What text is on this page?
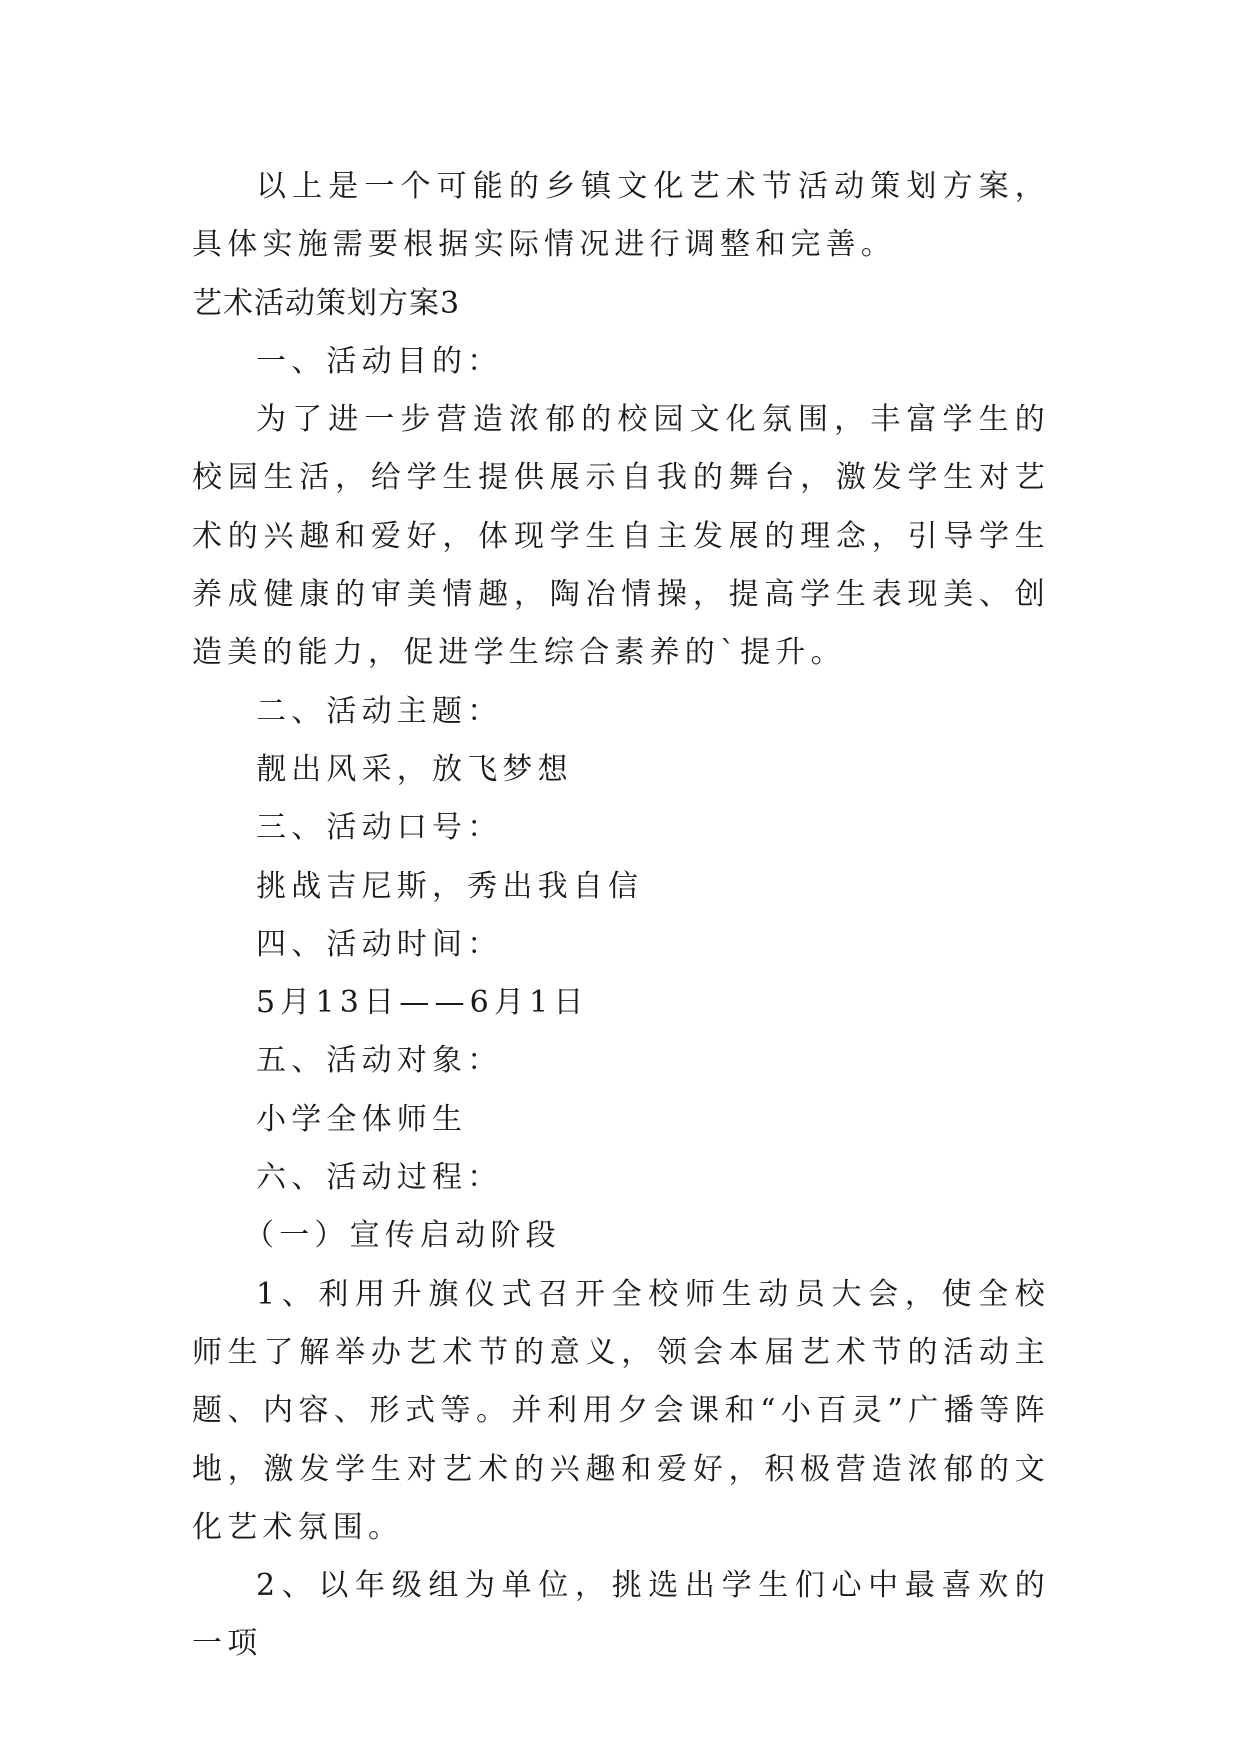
以上是一个可能的乡镇文化艺术节活动策划方案，具体实施需要根据实际情况进行调整和完善。

艺术活动策划方案3

一、活动目的：

为了进一步营造浓郁的校园文化氛围，丰富学生的校园生活，给学生提供展示自我的舞台，激发学生对艺术的兴趣和爱好，体现学生自主发展的理念，引导学生养成健康的审美情趣，陶冶情操，提高学生表现美、创造美的能力，促进学生综合素养的`提升。

二、活动主题：

靓出风采，放飞梦想

三、活动口号：

挑战吉尼斯，秀出我自信

四、活动时间：

5月13日——6月1日

五、活动对象：

小学全体师生

六、活动过程：

（一）宣传启动阶段

1、利用升旗仪式召开全校师生动员大会，使全校师生了解举办艺术节的意义，领会本届艺术节的活动主题、内容、形式等。并利用夕会课和“小百灵”广播等阵地，激发学生对艺术的兴趣和爱好，积极营造浓郁的文化艺术氛围。

2、以年级组为单位，挑选出学生们心中最喜欢的一项
